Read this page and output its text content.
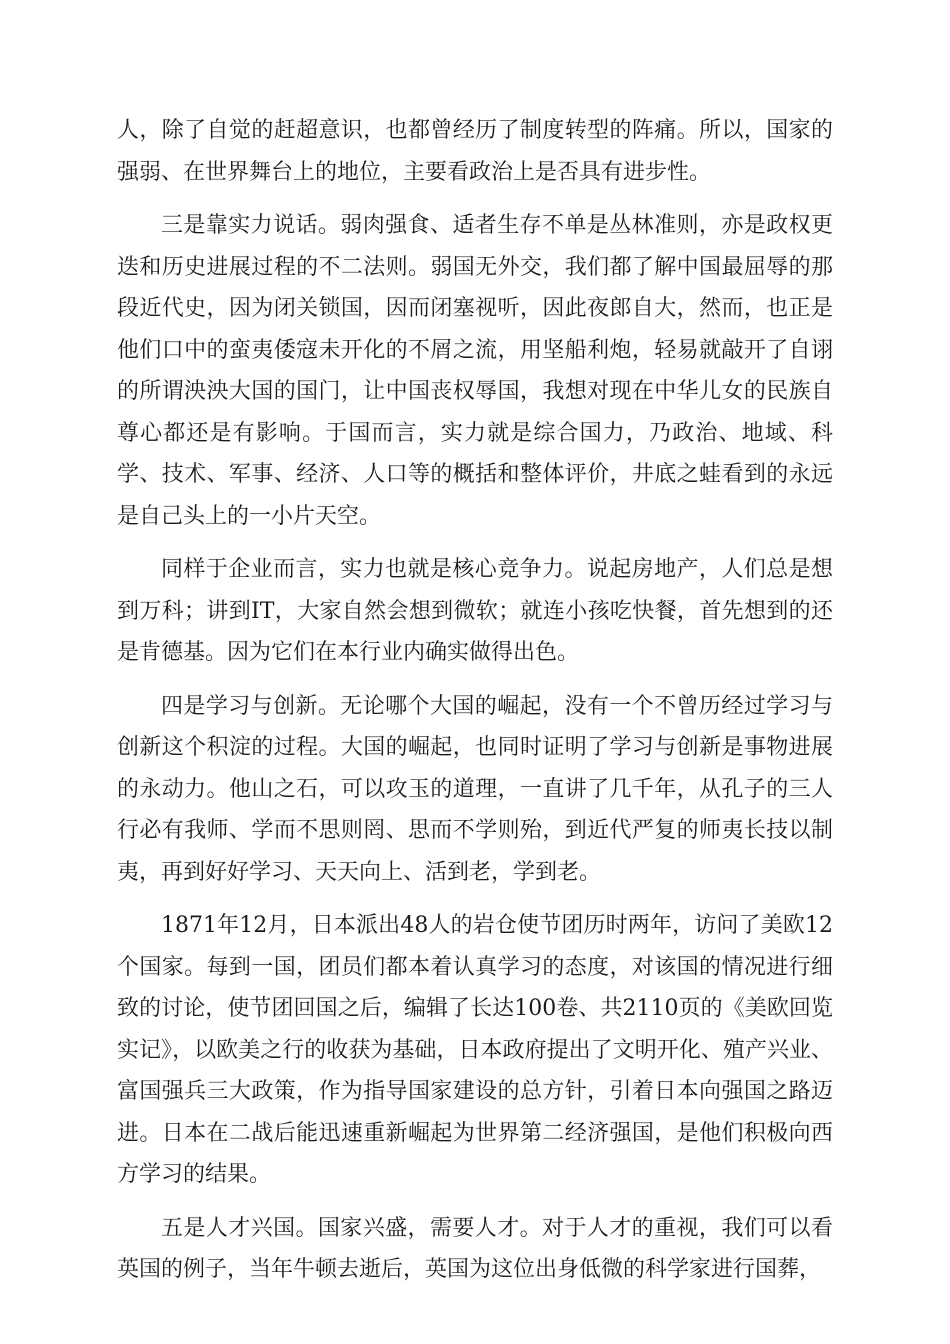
人，除了自觉的赶超意识，也都曾经历了制度转型的阵痛。所以，国家的强弱、在世界舞台上的地位，主要看政治上是否具有进步性。

三是靠实力说话。弱肉强食、适者生存不单是丛林准则，亦是政权更迭和历史进展过程的不二法则。弱国无外交，我们都了解中国最屈辱的那段近代史，因为闭关锁国，因而闭塞视听，因此夜郎自大，然而，也正是他们口中的蛮夷倭寇未开化的不屑之流，用坚船利炮，轻易就敲开了自诩的所谓泱泱大国的国门，让中国丧权辱国，我想对现在中华儿女的民族自尊心都还是有影响。于国而言，实力就是综合国力，乃政治、地域、科学、技术、军事、经济、人口等的概括和整体评价，井底之蛙看到的永远是自己头上的一小片天空。

同样于企业而言，实力也就是核心竞争力。说起房地产，人们总是想到万科；讲到IT，大家自然会想到微软；就连小孩吃快餐，首先想到的还是肯德基。因为它们在本行业内确实做得出色。

四是学习与创新。无论哪个大国的崛起，没有一个不曾历经过学习与创新这个积淀的过程。大国的崛起，也同时证明了学习与创新是事物进展的永动力。他山之石，可以攻玉的道理，一直讲了几千年，从孔子的三人行必有我师、学而不思则罔、思而不学则殆，到近代严复的师夷长技以制夷，再到好好学习、天天向上、活到老，学到老。

1871年12月，日本派出48人的岩仓使节团历时两年，访问了美欧12个国家。每到一国，团员们都本着认真学习的态度，对该国的情况进行细致的讨论，使节团回国之后，编辑了长达100卷、共2110页的《美欧回览实记》，以欧美之行的收获为基础，日本政府提出了文明开化、殖产兴业、富国强兵三大政策，作为指导国家建设的总方针，引着日本向强国之路迈进。日本在二战后能迅速重新崛起为世界第二经济强国，是他们积极向西方学习的结果。

五是人才兴国。国家兴盛，需要人才。对于人才的重视，我们可以看英国的例子，当年牛顿去逝后，英国为这位出身低微的科学家进行国葬，
